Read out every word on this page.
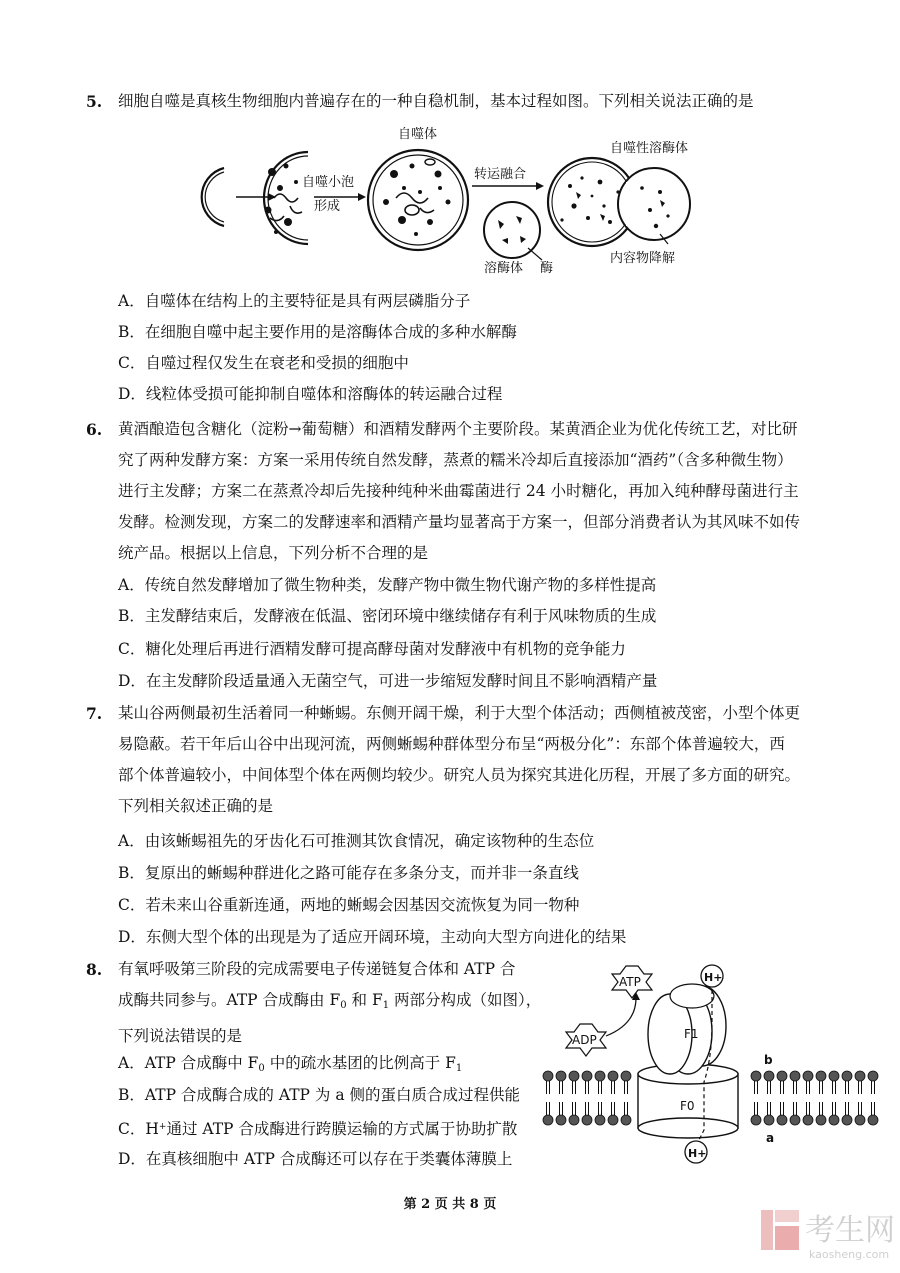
5. 细胞自噬是真核生物细胞内普遍存在的一种自稳机制，基本过程如图。下列相关说法正确的是
自噬小泡
形成
自噬体
转运融合
溶酶体 酶
自噬性溶酶体
内容物降解
A．自噬体在结构上的主要特征是具有两层磷脂分子
B．在细胞自噬中起主要作用的是溶酶体合成的多种水解酶
C．自噬过程仅发生在衰老和受损的细胞中
D．线粒体受损可能抑制自噬体和溶酶体的转运融合过程
6. 黄酒酿造包含糖化（淀粉→葡萄糖）和酒精发酵两个主要阶段。某黄酒企业为优化传统工艺，对比研
究了两种发酵方案：方案一采用传统自然发酵，蒸煮的糯米冷却后直接添加“酒药”（含多种微生物）
进行主发酵；方案二在蒸煮冷却后先接种纯种米曲霉菌进行 24 小时糖化，再加入纯种酵母菌进行主
发酵。检测发现，方案二的发酵速率和酒精产量均显著高于方案一，但部分消费者认为其风味不如传
统产品。根据以上信息，下列分析不合理的是
A．传统自然发酵增加了微生物种类，发酵产物中微生物代谢产物的多样性提高
B．主发酵结束后，发酵液在低温、密闭环境中继续储存有利于风味物质的生成
C．糖化处理后再进行酒精发酵可提高酵母菌对发酵液中有机物的竞争能力
D．在主发酵阶段适量通入无菌空气，可进一步缩短发酵时间且不影响酒精产量
7. 某山谷两侧最初生活着同一种蜥蜴。东侧开阔干燥，利于大型个体活动；西侧植被茂密，小型个体更
易隐蔽。若干年后山谷中出现河流，两侧蜥蜴种群体型分布呈“两极分化”：东部个体普遍较大，西
部个体普遍较小，中间体型个体在两侧均较少。研究人员为探究其进化历程，开展了多方面的研究。
下列相关叙述正确的是
A．由该蜥蜴祖先的牙齿化石可推测其饮食情况，确定该物种的生态位
B．复原出的蜥蜴种群进化之路可能存在多条分支，而并非一条直线
C．若未来山谷重新连通，两地的蜥蜴会因基因交流恢复为同一物种
D．东侧大型个体的出现是为了适应开阔环境，主动向大型方向进化的结果
8. 有氧呼吸第三阶段的完成需要电子传递链复合体和 ATP 合
成酶共同参与。ATP 合成酶由 $F_0$ 和 $F_1$ 两部分构成（如图），
下列说法错误的是
A．ATP 合成酶中 $F_0$ 中的疏水基团的比例高于 $F_1$
B．ATP 合成酶合成的 ATP 为 a 侧的蛋白质合成过程供能
C．H+通过 ATP 合成酶进行跨膜运输的方式属于协助扩散
D．在真核细胞中 ATP 合成酶还可以存在于类囊体薄膜上
ATP
ADP
H+
H+
F1
F0
b
a
第 2 页 共 8 页
考生网
kaosheng.com
